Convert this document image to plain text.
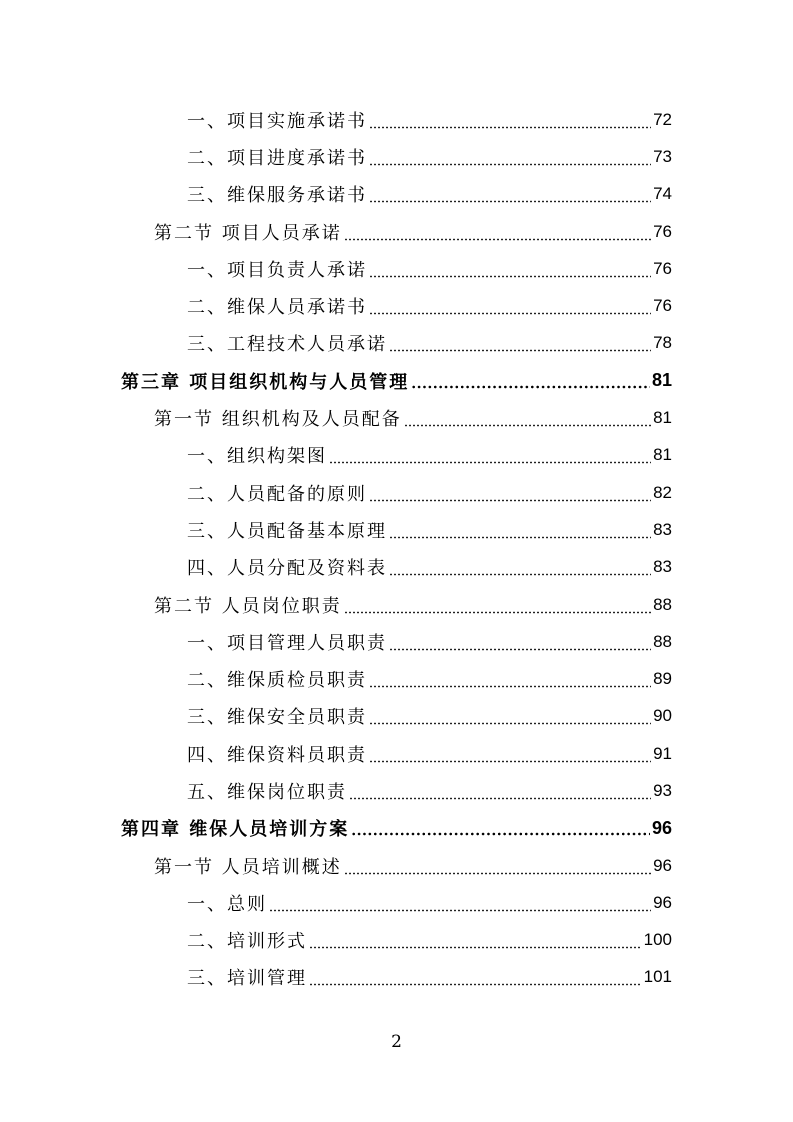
一、项目实施承诺书	72
二、项目进度承诺书	73
三、维保服务承诺书	74
第二节 项目人员承诺	76
一、项目负责人承诺	76
二、维保人员承诺书	76
三、工程技术人员承诺	78
第三章 项目组织机构与人员管理	81
第一节 组织机构及人员配备	81
一、组织构架图	81
二、人员配备的原则	82
三、人员配备基本原理	83
四、人员分配及资料表	83
第二节 人员岗位职责	88
一、项目管理人员职责	88
二、维保质检员职责	89
三、维保安全员职责	90
四、维保资料员职责	91
五、维保岗位职责	93
第四章 维保人员培训方案	96
第一节 人员培训概述	96
一、总则	96
二、培训形式	100
三、培训管理	101
2
